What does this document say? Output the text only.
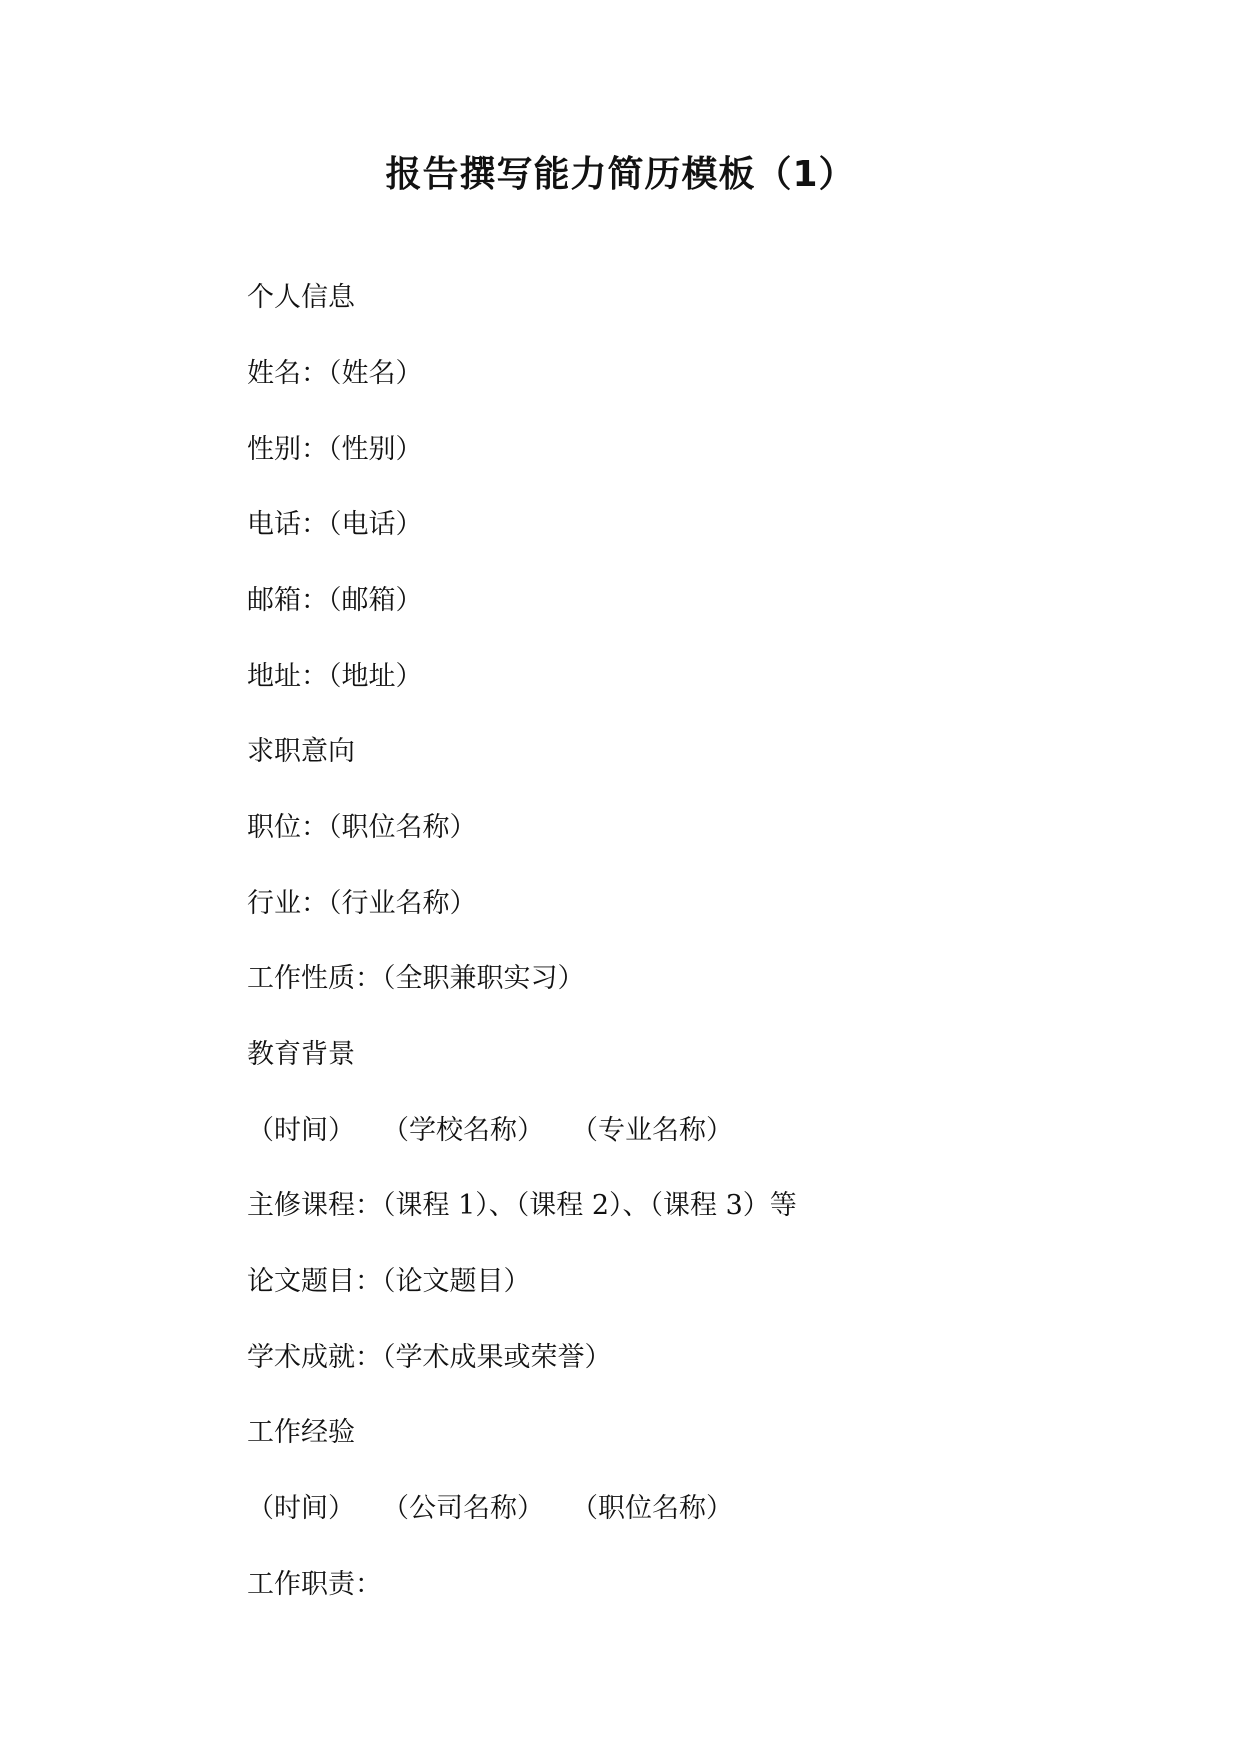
报告撰写能力简历模板（1）

个人信息

姓名：（姓名）

性别：（性别）

电话：（电话）

邮箱：（邮箱）

地址：（地址）

求职意向

职位：（职位名称）

行业：（行业名称）

工作性质：（全职兼职实习）

教育背景

（时间）　　（学校名称）　　（专业名称）

主修课程：（课程 1）、（课程 2）、（课程 3）等

论文题目：（论文题目）

学术成就：（学术成果或荣誉）

工作经验

（时间）　　（公司名称）　　（职位名称）

工作职责：
